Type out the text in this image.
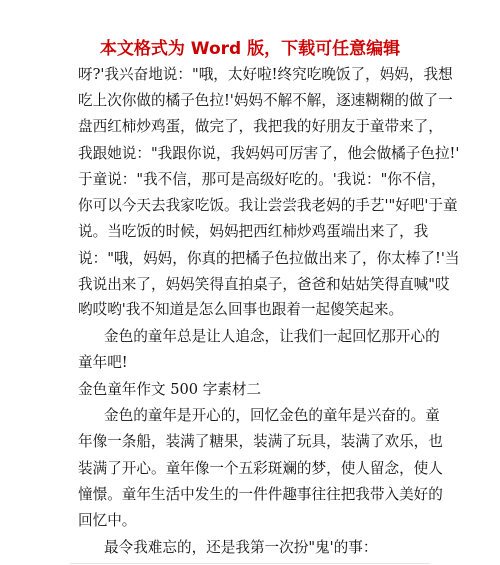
本文格式为 Word 版，下载可任意编辑
呀?'我兴奋地说："哦，太好啦!终究吃晚饭了，妈妈，我想
吃上次你做的橘子色拉!'妈妈不解不解，逐速糊糊的做了一
盘西红柿炒鸡蛋，做完了，我把我的好朋友于童带来了，
我跟她说："我跟你说，我妈妈可厉害了，他会做橘子色拉!'
于童说："我不信，那可是高级好吃的。'我说："你不信，
你可以今天去我家吃饭。我让尝尝我老妈的手艺'"好吧'于童
说。当吃饭的时候，妈妈把西红柿炒鸡蛋端出来了，我
说："哦，妈妈，你真的把橘子色拉做出来了，你太棒了!'当
我说出来了，妈妈笑得直拍桌子，爸爸和姑姑笑得直喊"哎
哟哎哟'我不知道是怎么回事也跟着一起傻笑起来。
金色的童年总是让人追念，让我们一起回忆那开心的
童年吧!
金色童年作文 500 字素材二
金色的童年是开心的，回忆金色的童年是兴奋的。童
年像一条船，装满了糖果，装满了玩具，装满了欢乐，也
装满了开心。童年像一个五彩斑斓的梦，使人留念，使人
憧憬。童年生活中发生的一件件趣事往往把我带入美好的
回忆中。
最令我难忘的，还是我第一次扮"鬼'的事：
